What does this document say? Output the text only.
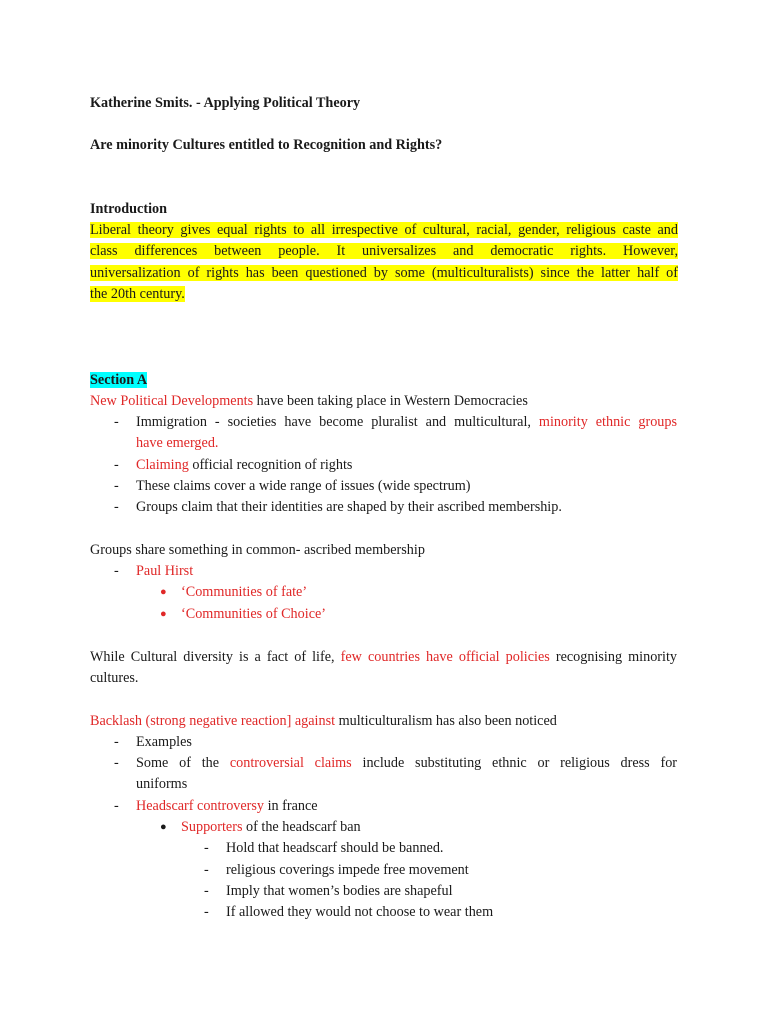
Katherine Smits. - Applying Political Theory
Are minority Cultures entitled to Recognition and Rights?
Introduction
Liberal theory gives equal rights to all irrespective of cultural, racial, gender, religious caste and
class differences between people. It universalizes and democratic rights. However,
universalization of rights has been questioned by some (multiculturalists) since the latter half of
the 20th century.
Section A
New Political Developments have been taking place in Western Democracies
- Immigration - societies have become pluralist and multicultural, minority ethnic groups
have emerged.
- Claiming official recognition of rights
- These claims cover a wide range of issues (wide spectrum)
- Groups claim that their identities are shaped by their ascribed membership.
Groups share something in common- ascribed membership
- Paul Hirst
● ‘Communities of fate’
● ‘Communities of Choice’
While Cultural diversity is a fact of life, few countries have official policies recognising minority
cultures.
Backlash (strong negative reaction] against multiculturalism has also been noticed
- Examples
- Some of the controversial claims include substituting ethnic or religious dress for
uniforms
- Headscarf controversy in france
● Supporters of the headscarf ban
- Hold that headscarf should be banned.
- religious coverings impede free movement
- Imply that women’s bodies are shapeful
- If allowed they would not choose to wear them
